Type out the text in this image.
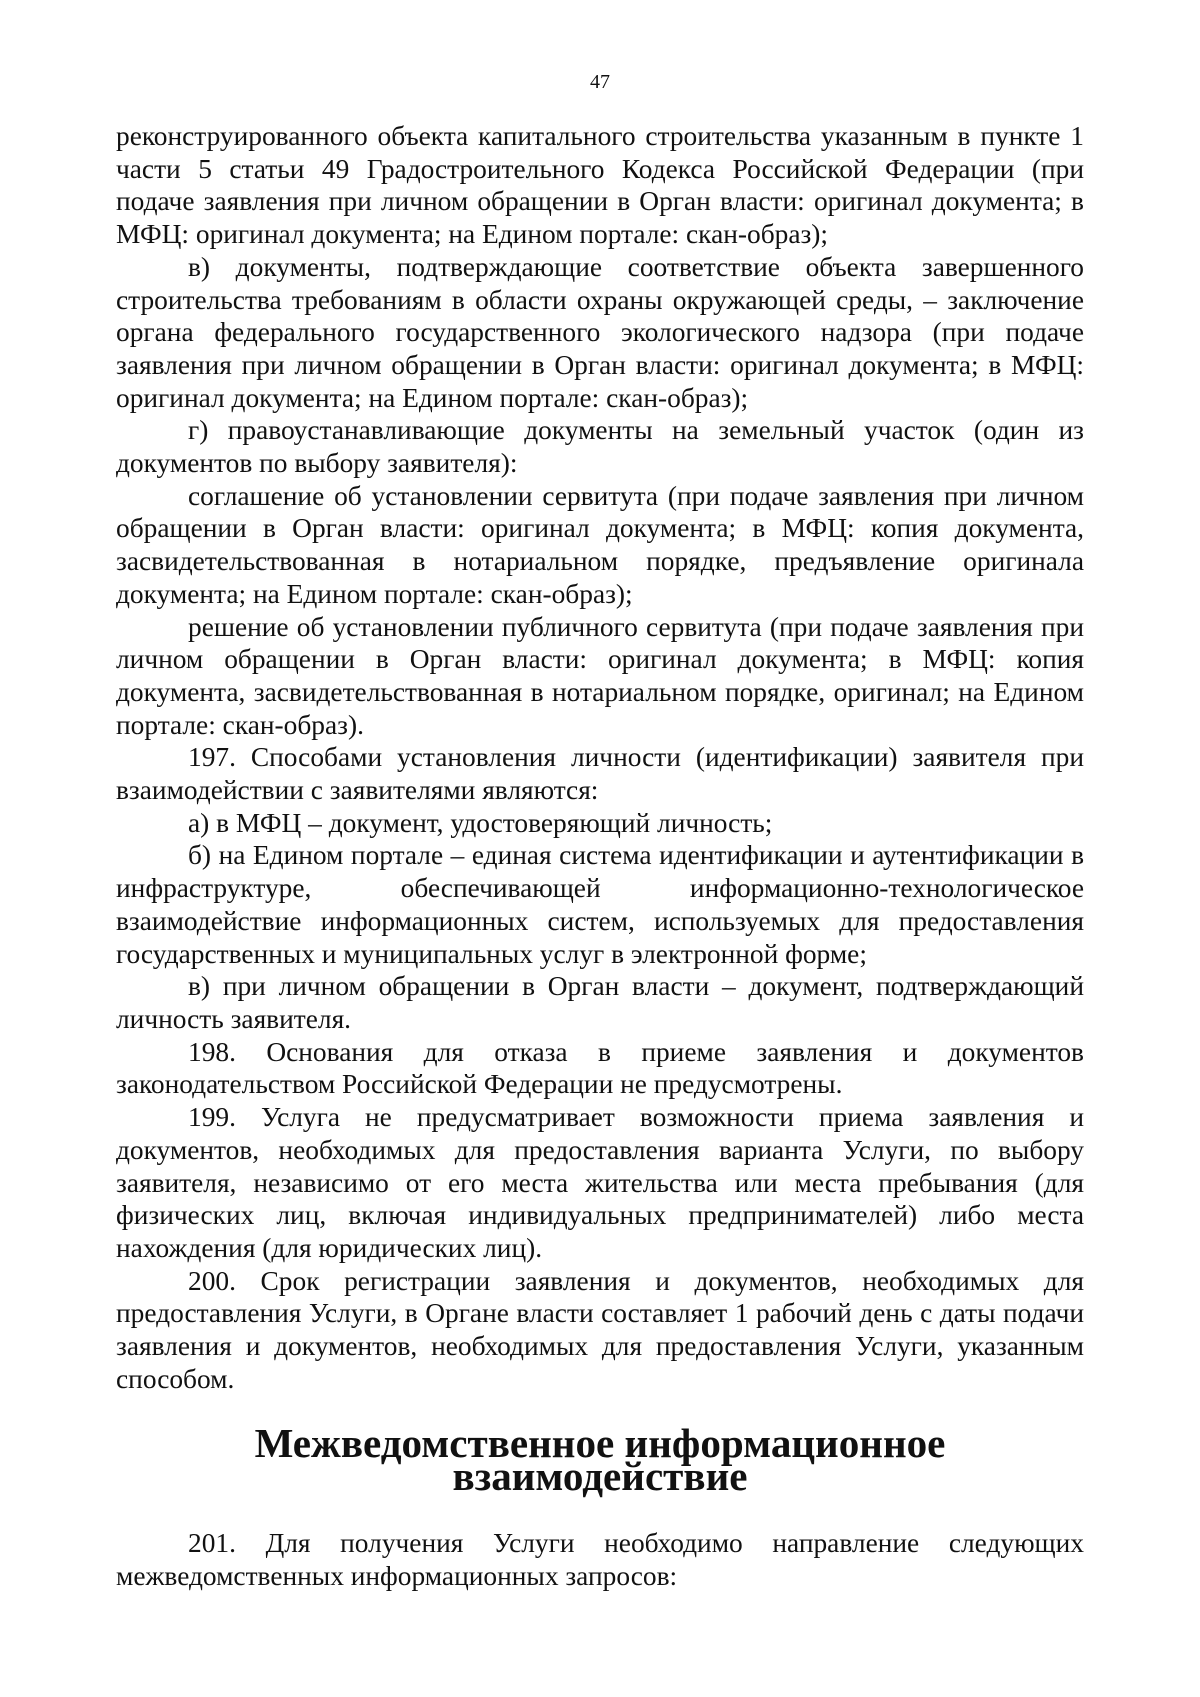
47

реконструированного объекта капитального строительства указанным в пункте 1 части 5 статьи 49 Градостроительного Кодекса Российской Федерации (при подаче заявления при личном обращении в Орган власти: оригинал документа; в МФЦ: оригинал документа; на Едином портале: скан-образ);

в) документы, подтверждающие соответствие объекта завершенного строительства требованиям в области охраны окружающей среды, – заключение органа федерального государственного экологического надзора (при подаче заявления при личном обращении в Орган власти: оригинал документа; в МФЦ: оригинал документа; на Едином портале: скан-образ);

г) правоустанавливающие документы на земельный участок (один из документов по выбору заявителя):

соглашение об установлении сервитута (при подаче заявления при личном обращении в Орган власти: оригинал документа; в МФЦ: копия документа, засвидетельствованная в нотариальном порядке, предъявление оригинала документа; на Едином портале: скан-образ);

решение об установлении публичного сервитута (при подаче заявления при личном обращении в Орган власти: оригинал документа; в МФЦ: копия документа, засвидетельствованная в нотариальном порядке, оригинал; на Едином портале: скан-образ).

197. Способами установления личности (идентификации) заявителя при взаимодействии с заявителями являются:

а) в МФЦ – документ, удостоверяющий личность;

б) на Едином портале – единая система идентификации и аутентификации в инфраструктуре, обеспечивающей информационно-технологическое взаимодействие информационных систем, используемых для предоставления государственных и муниципальных услуг в электронной форме;

в) при личном обращении в Орган власти – документ, подтверждающий личность заявителя.

198. Основания для отказа в приеме заявления и документов законодательством Российской Федерации не предусмотрены.

199. Услуга не предусматривает возможности приема заявления и документов, необходимых для предоставления варианта Услуги, по выбору заявителя, независимо от его места жительства или места пребывания (для физических лиц, включая индивидуальных предпринимателей) либо места нахождения (для юридических лиц).

200. Срок регистрации заявления и документов, необходимых для предоставления Услуги, в Органе власти составляет 1 рабочий день с даты подачи заявления и документов, необходимых для предоставления Услуги, указанным способом.

Межведомственное информационное взаимодействие

201. Для получения Услуги необходимо направление следующих межведомственных информационных запросов:
